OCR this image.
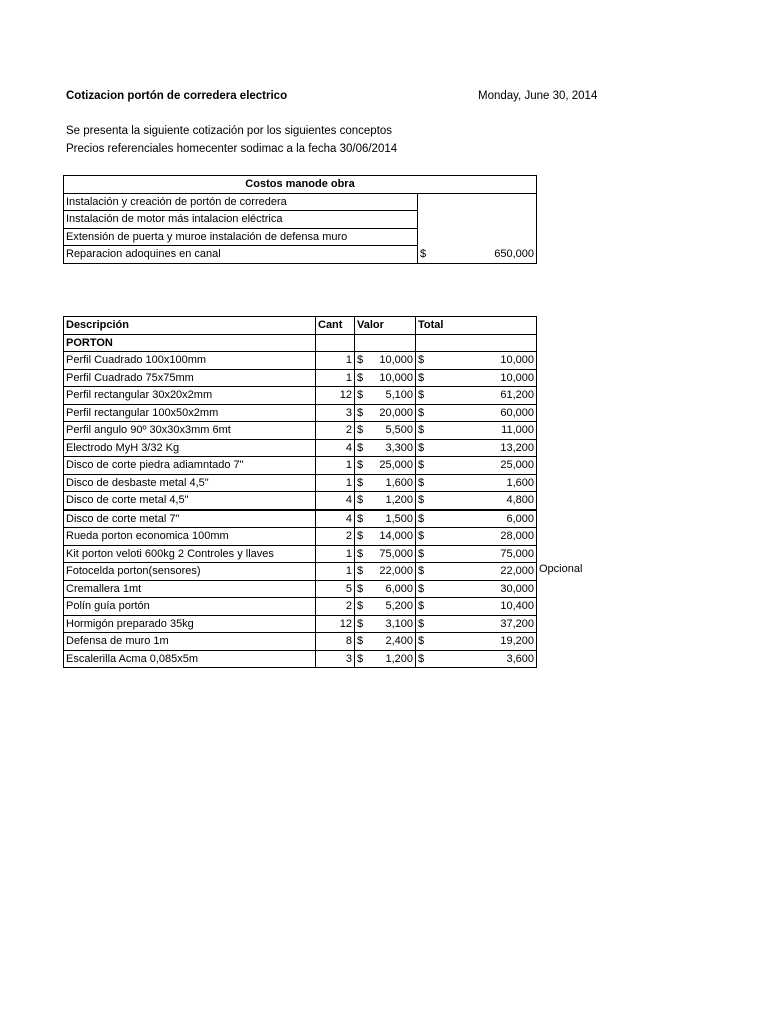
Cotizacion portón de corredera electrico	Monday, June 30, 2014
Se presenta la siguiente cotización por los siguientes conceptos
Precios referenciales homecenter sodimac a la fecha 30/06/2014
Costos manode obra	
Instalación y creación de portón de corredera	
Instalación de motor más intalacion eléctrica	
Extensión de puerta y muroe instalación de defensa muro	
Reparacion adoquines en canal	$ 650,000
Descripción	Cant	Valor	Total
PORTON			
Perfil Cuadrado 100x100mm	1	$ 10,000	$ 10,000

Perfil Cuadrado 75x75mm	1	$ 10,000	$ 10,000

Perfil rectangular 30x20x2mm	12	$ 5,100	$ 61,200

Perfil rectangular 100x50x2mm	3	$ 20,000	$ 60,000

Perfil angulo 90º 30x30x3mm 6mt	2	$ 5,500	$ 11,000

Electrodo MyH 3/32 Kg	4	$ 3,300	$ 13,200

Disco de corte piedra adiamntado 7"	1	$ 25,000	$ 25,000

Disco de desbaste metal 4,5"	1	$ 1,600	$ 1,600

Disco de corte metal 4,5"	4	$ 1,200	$ 4,800

Disco de corte metal 7"	4	$ 1,500	$ 6,000

Rueda porton economica 100mm	2	$ 14,000	$ 28,000

Kit porton veloti 600kg 2 Controles y llaves	1	$ 75,000	$ 75,000

Fotocelda porton(sensores)	1	$ 22,000	$ 22,000

Cremallera 1mt	5	$ 6,000	$ 30,000

Polín guía portón	2	$ 5,200	$ 10,400

Hormigón preparado 35kg	12	$ 3,100	$ 37,200

Defensa de muro 1m	8	$ 2,400	$ 19,200

Escalerilla Acma 0,085x5m	3	$ 1,200	$ 3,600
Opcional
